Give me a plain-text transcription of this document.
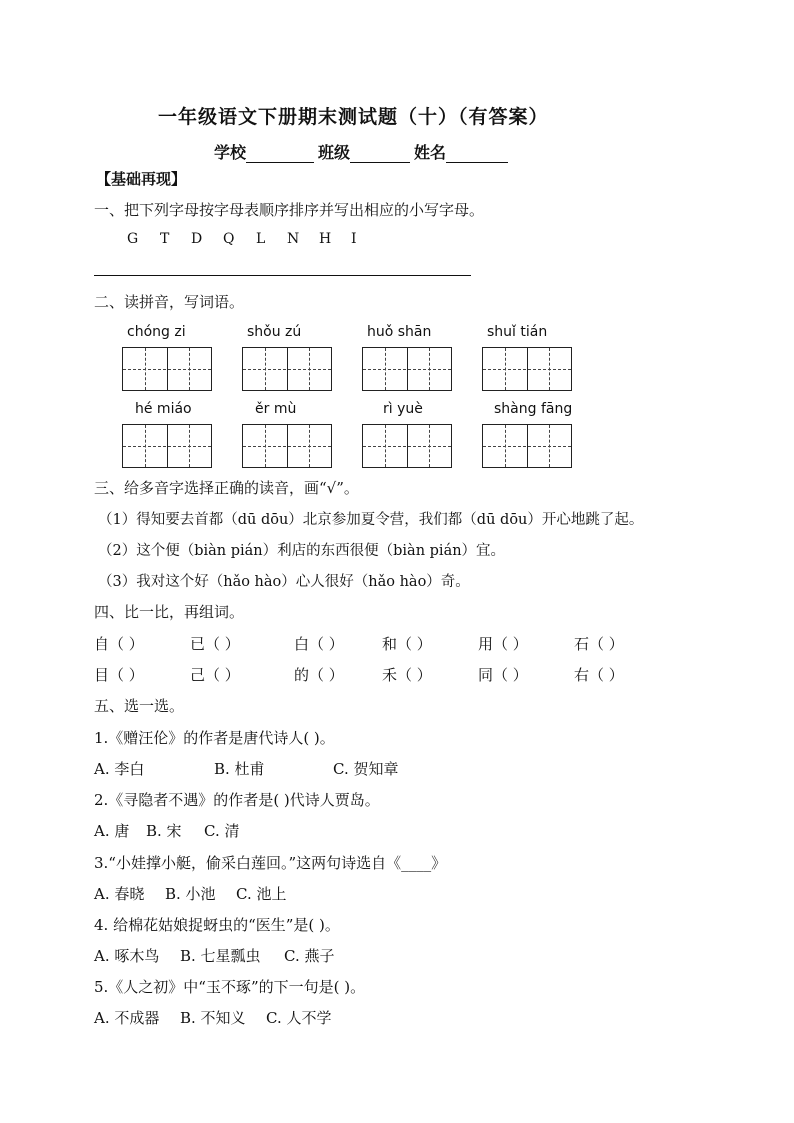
一年级语文下册期末测试题（十）（有答案）
学校	班级	姓名
【基础再现】
一、把下列字母按字母表顺序排序并写出相应的小写字母。
G T D Q L N H I
二、读拼音，写词语。
chóng zi	shǒu zú	huǒ shān	shuǐ tián
hé miáo	ěr mù	rì yuè	shàng fāng
三、给多音字选择正确的读音，画“√”。
（1）得知要去首都（dū dōu）北京参加夏令营，我们都（dū dōu）开心地跳了起。
（2）这个便（biàn pián）利店的东西很便（biàn pián）宜。
（3）我对这个好（hǎo hào）心人很好（hǎo hào）奇。
四、比一比，再组词。
自（ ）	已（ ）	白（ ）	和（ ）	用（ ）	石（ ）
目（ ）	己（ ）	的（ ）	禾（ ）	同（ ）	右（ ）
五、选一选。
1.《赠汪伦》的作者是唐代诗人( )。
A. 李白	B. 杜甫	C. 贺知章
2.《寻隐者不遇》的作者是( )代诗人贾岛。
A. 唐 B. 宋 C. 清
3.“小娃撑小艇，偷采白莲回。”这两句诗选自《____》
A. 春晓 B. 小池 C. 池上
4. 给棉花姑娘捉蚜虫的“医生”是( )。
A. 啄木鸟 B. 七星瓢虫 C. 燕子
5.《人之初》中“玉不琢”的下一句是( )。
A. 不成器 B. 不知义 C. 人不学
